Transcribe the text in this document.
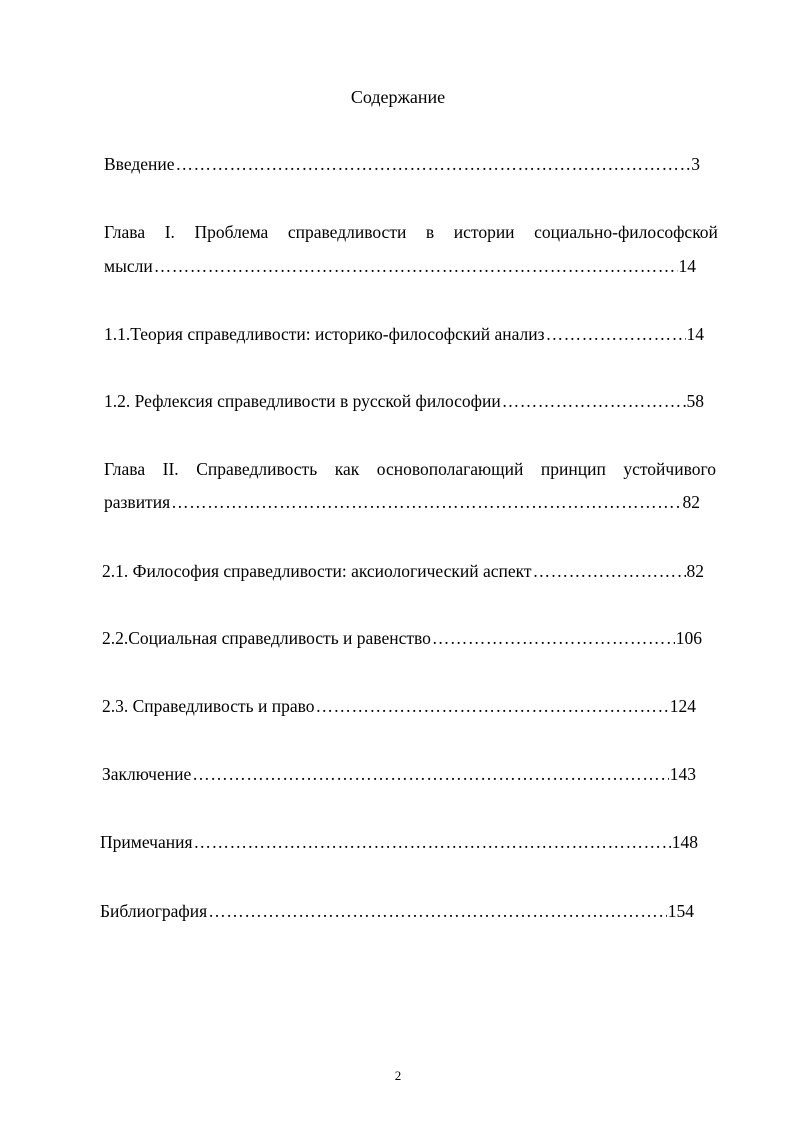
Содержание
Введение ……………………………………………………………………………………………………………………………………………………	3
Глава I. Проблема справедливости в истории социально-философской
мысли ……………………………………………………………………………………………………………………………………………………	14
1.1.Теория справедливости: историко-философский анализ ……………………………………………………………………………………………………………………………………………………	14
1.2. Рефлексия справедливости в русской философии ……………………………………………………………………………………………………………………………………………………	58
Глава II. Справедливость как основополагающий принцип устойчивого
развития ……………………………………………………………………………………………………………………………………………………	82
2.1. Философия справедливости: аксиологический аспект ……………………………………………………………………………………………………………………………………………………	82
2.2.Социальная справедливость и равенство ……………………………………………………………………………………………………………………………………………………	106
2.3. Справедливость и право ……………………………………………………………………………………………………………………………………………………	124
Заключение ……………………………………………………………………………………………………………………………………………………	143
Примечания ……………………………………………………………………………………………………………………………………………………	148
Библиография ……………………………………………………………………………………………………………………………………………………	154
2
